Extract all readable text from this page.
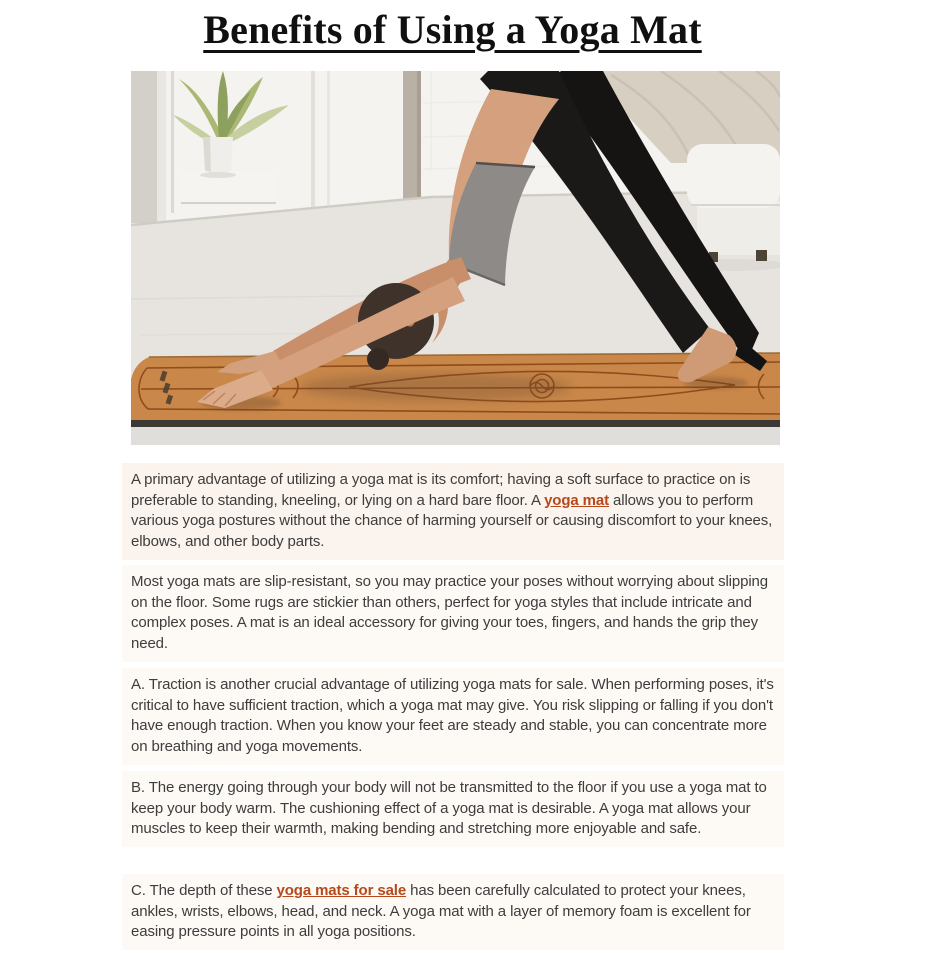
Benefits of Using a Yoga Mat

A primary advantage of utilizing a yoga mat is its comfort; having a soft surface to practice on is preferable to standing, kneeling, or lying on a hard bare floor. A yoga mat allows you to perform various yoga postures without the chance of harming yourself or causing discomfort to your knees, elbows, and other body parts.

Most yoga mats are slip-resistant, so you may practice your poses without worrying about slipping on the floor. Some rugs are stickier than others, perfect for yoga styles that include intricate and complex poses. A mat is an ideal accessory for giving your toes, fingers, and hands the grip they need.

A. Traction is another crucial advantage of utilizing yoga mats for sale. When performing poses, it's critical to have sufficient traction, which a yoga mat may give. You risk slipping or falling if you don't have enough traction. When you know your feet are steady and stable, you can concentrate more on breathing and yoga movements.

B. The energy going through your body will not be transmitted to the floor if you use a yoga mat to keep your body warm. The cushioning effect of a yoga mat is desirable. A yoga mat allows your muscles to keep their warmth, making bending and stretching more enjoyable and safe.

C. The depth of these yoga mats for sale has been carefully calculated to protect your knees, ankles, wrists, elbows, head, and neck. A yoga mat with a layer of memory foam is excellent for easing pressure points in all yoga positions.
